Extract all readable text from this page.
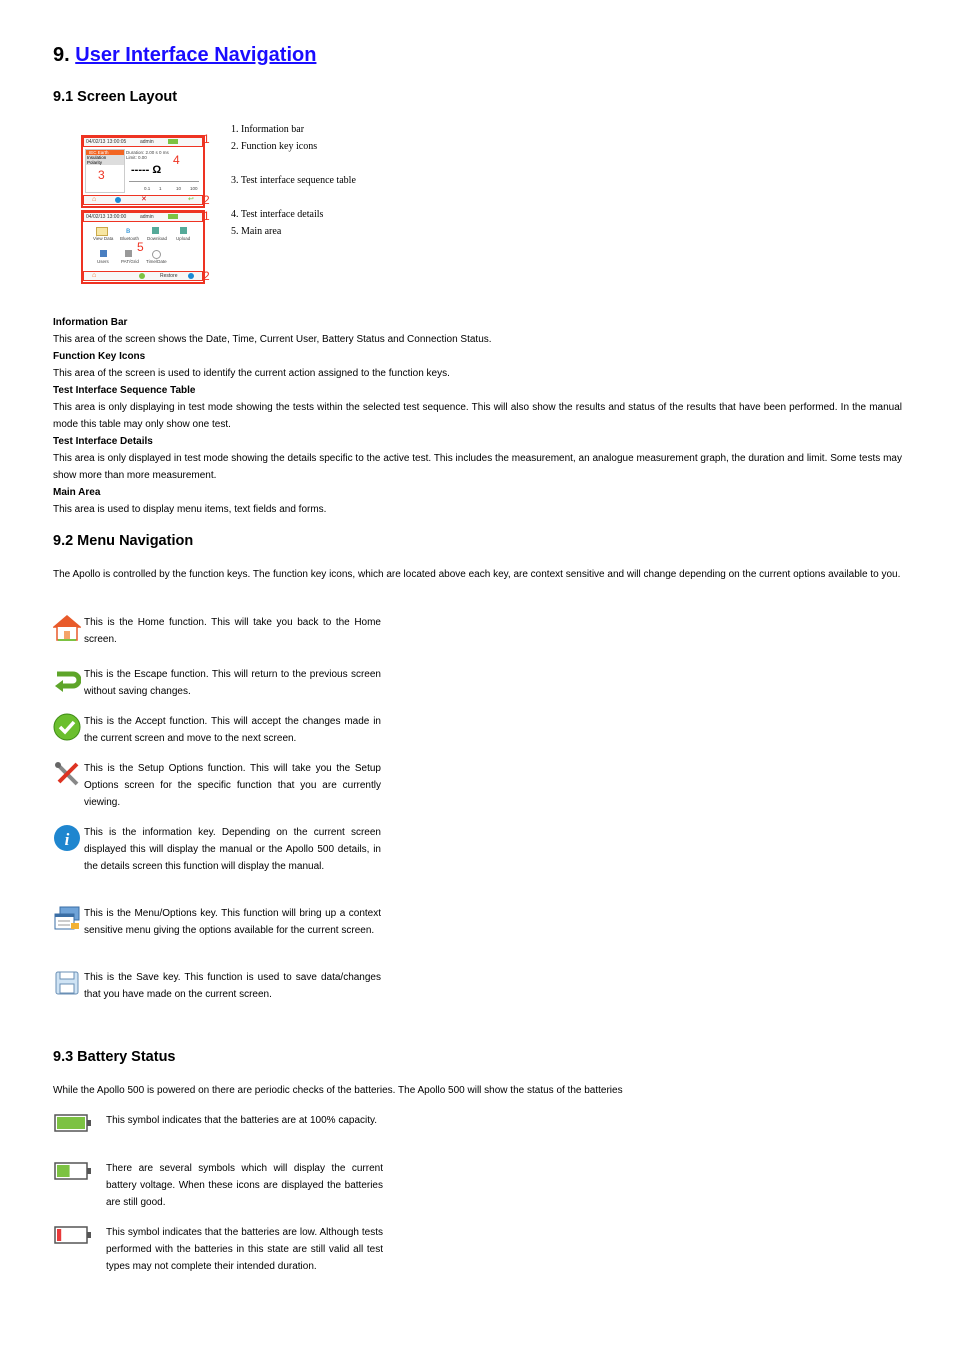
9. User Interface Navigation
9.1 Screen Layout
04/02/13 13:00:05	admin
IEC Earth
Insulation
Polarity
Duration: 2.00 s 0 ms
Limit: 0.00
----- Ω
0.1 1	10 100
⌂	✕	↩
04/02/13 13:00:00	admin
View Data Bluetooth Download Upload
Users	PAT/Grid Time/Date
ʙ
⌂	Restore
1
2
3
4
5
1
2
1. Information bar
2. Function key icons
3. Test interface sequence table
4. Test interface details
5. Main area
Information Bar
This area of the screen shows the Date, Time, Current User, Battery Status and Connection Status.
Function Key Icons
This area of the screen is used to identify the current action assigned to the function keys.
Test Interface Sequence Table
This area is only displaying in test mode showing the tests within the selected test sequence. This will also show the results and status of the results that have been performed. In the manual mode this table may only show one test.
Test Interface Details
This area is only displayed in test mode showing the details specific to the active test. This includes the measurement, an analogue measurement graph, the duration and limit. Some tests may show more than more measurement.
Main Area
This area is used to display menu items, text fields and forms.
9.2 Menu Navigation
The Apollo is controlled by the function keys. The function key icons, which are located above each key, are context sensitive and will change depending on the current options available to you.
This is the Home function. This will take you back to the Home screen.
This is the Escape function. This will return to the previous screen without saving changes.
This is the Accept function. This will accept the changes made in the current screen and move to the next screen.
This is the Setup Options function. This will take you the Setup Options screen for the specific function that you are currently viewing.
i This is the information key. Depending on the current screen displayed this will display the manual or the Apollo 500 details, in the details screen this function will display the manual.
This is the Menu/Options key. This function will bring up a context sensitive menu giving the options available for the current screen.
This is the Save key. This function is used to save data/changes that you have made on the current screen.
9.3 Battery Status
While the Apollo 500 is powered on there are periodic checks of the batteries. The Apollo 500 will show the status of the batteries
This symbol indicates that the batteries are at 100% capacity.
There are several symbols which will display the current battery voltage. When these icons are displayed the batteries are still good.
This symbol indicates that the batteries are low. Although tests performed with the batteries in this state are still valid all test types may not complete their intended duration.
